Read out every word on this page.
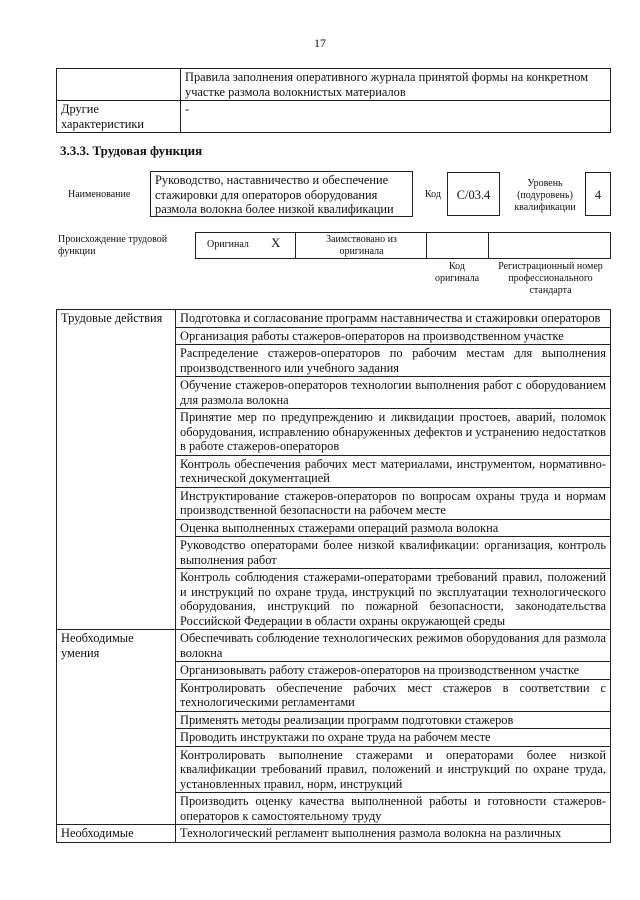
17
	Правила заполнения оперативного журнала принятой формы на конкретном участке размола волокнистых материалов
Другие характеристики	-
3.3.3. Трудовая функция
Наименование
Руководство, наставничество и обеспечение стажировки для операторов оборудования размола волокна более низкой квалификации
Код	С/03.4
Уровень (подуровень) квалификации
4
Происхождение трудовой функции
Оригинал X	Заимствовано из оригинала
Код оригинала
Регистрационный номер профессионального стандарта
Трудовые действия	Подготовка и согласование программ наставничества и стажировки операторов
	Организация работы стажеров-операторов на производственном участке
	Распределение стажеров-операторов по рабочим местам для выполнения производственного или учебного задания
	Обучение стажеров-операторов технологии выполнения работ с оборудованием для размола волокна
	Принятие мер по предупреждению и ликвидации простоев, аварий, поломок оборудования, исправлению обнаруженных дефектов и устранению недостатков в работе стажеров-операторов
	Контроль обеспечения рабочих мест материалами, инструментом, нормативно-технической документацией
	Инструктирование стажеров-операторов по вопросам охраны труда и нормам производственной безопасности на рабочем месте
	Оценка выполненных стажерами операций размола волокна
	Руководство операторами более низкой квалификации: организация, контроль выполнения работ
	Контроль соблюдения стажерами-операторами требований правил, положений и инструкций по охране труда, инструкций по эксплуатации технологического оборудования, инструкций по пожарной безопасности, законодательства Российской Федерации в области охраны окружающей среды
Необходимые умения	Обеспечивать соблюдение технологических режимов оборудования для размола волокна
	Организовывать работу стажеров-операторов на производственном участке
	Контролировать обеспечение рабочих мест стажеров в соответствии с технологическими регламентами
	Применять методы реализации программ подготовки стажеров
	Проводить инструктажи по охране труда на рабочем месте
	Контролировать выполнение стажерами и операторами более низкой квалификации требований правил, положений и инструкций по охране труда, установленных правил, норм, инструкций
	Производить оценку качества выполненной работы и готовности стажеров-операторов к самостоятельному труду
Необходимые	Технологический регламент выполнения размола волокна на различных
